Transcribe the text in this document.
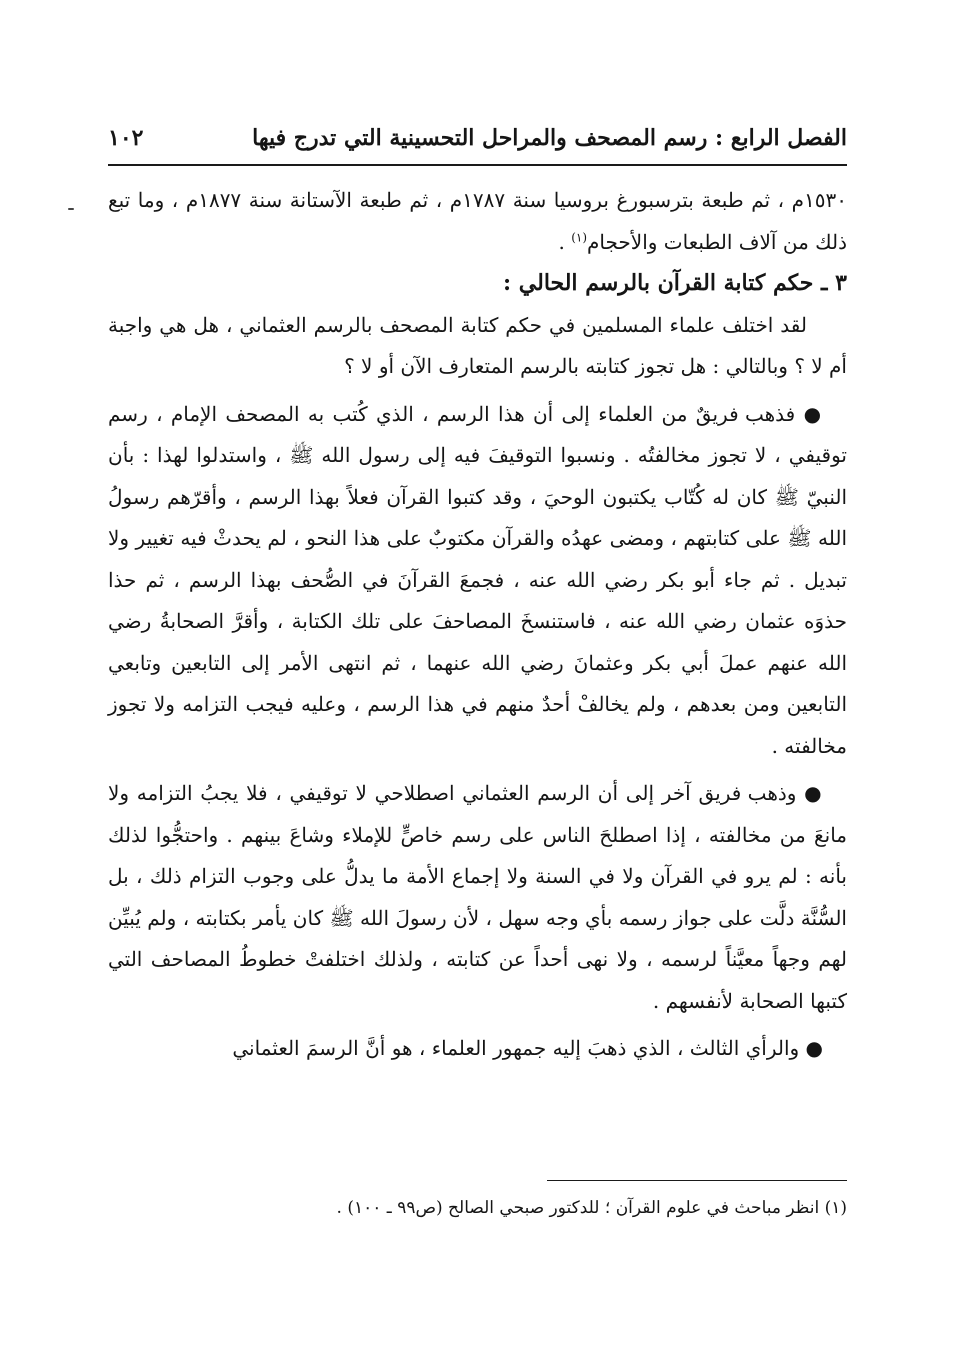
الفصل الرابع : رسم المصحف والمراحل التحسينية التي تدرج فيها
١٠٢

١٥٣٠م ، ثم طبعة بترسبورغ بروسيا سنة ١٧٨٧م ، ثم طبعة الآستانة سنة ١٨٧٧م ، وما تبع ذلك من آلاف الطبعات والأحجام$^{(١)}$ .

٣ ـ حكم كتابة القرآن بالرسم الحالي :

لقد اختلف علماء المسلمين في حكم كتابة المصحف بالرسم العثماني ، هل هي واجبة أم لا ؟ وبالتالي : هل تجوز كتابته بالرسم المتعارف الآن أو لا ؟

● فذهب فريقٌ من العلماء إلى أن هذا الرسم ، الذي كُتب به المصحف الإمام ، رسم توقيفي ، لا تجوز مخالفتُه . ونسبوا التوقيفَ فيه إلى رسول الله ﷺ ، واستدلوا لهذا : بأن النبيّ ﷺ كان له كُتّاب يكتبون الوحيَ ، وقد كتبوا القرآن فعلاً بهذا الرسم ، وأقرّهم رسولُ الله ﷺ على كتابتهم ، ومضى عهدُه والقرآن مكتوبٌ على هذا النحو ، لم يحدثْ فيه تغيير ولا تبديل . ثم جاء أبو بكر رضي الله عنه ، فجمعَ القرآنَ في الصُّحف بهذا الرسم ، ثم حذا حذوَه عثمان رضي الله عنه ، فاستنسخَ المصاحفَ على تلك الكتابة ، وأقرَّ الصحابةُ رضي الله عنهم عملَ أبي بكر وعثمانَ رضي الله عنهما ، ثم انتهى الأمر إلى التابعين وتابعي التابعين ومن بعدهم ، ولم يخالفْ أحدٌ منهم في هذا الرسم ، وعليه فيجب التزامه ولا تجوز مخالفته .

● وذهب فريق آخر إلى أن الرسم العثماني اصطلاحي لا توقيفي ، فلا يجبُ التزامه ولا مانعَ من مخالفته ، إذا اصطلحَ الناس على رسم خاصٍّ للإملاء وشاعَ بينهم . واحتجُّوا لذلك بأنه : لم يرو في القرآن ولا في السنة ولا إجماع الأمة ما يدلُّ على وجوب التزام ذلك ، بل السُّنَّة دلَّت على جواز رسمه بأي وجه سهل ، لأن رسولَ الله ﷺ كان يأمر بكتابته ، ولم يُبيِّن لهم وجهاً معيَّناً لرسمه ، ولا نهى أحداً عن كتابته ، ولذلك اختلفتْ خطوطُ المصاحف التي كتبها الصحابة لأنفسهم .

● والرأي الثالث ، الذي ذهبَ إليه جمهور العلماء ، هو أنَّ الرسمَ العثماني

(١) انظر مباحث في علوم القرآن ؛ للدكتور صبحي الصالح (ص٩٩ ـ ١٠٠) .
